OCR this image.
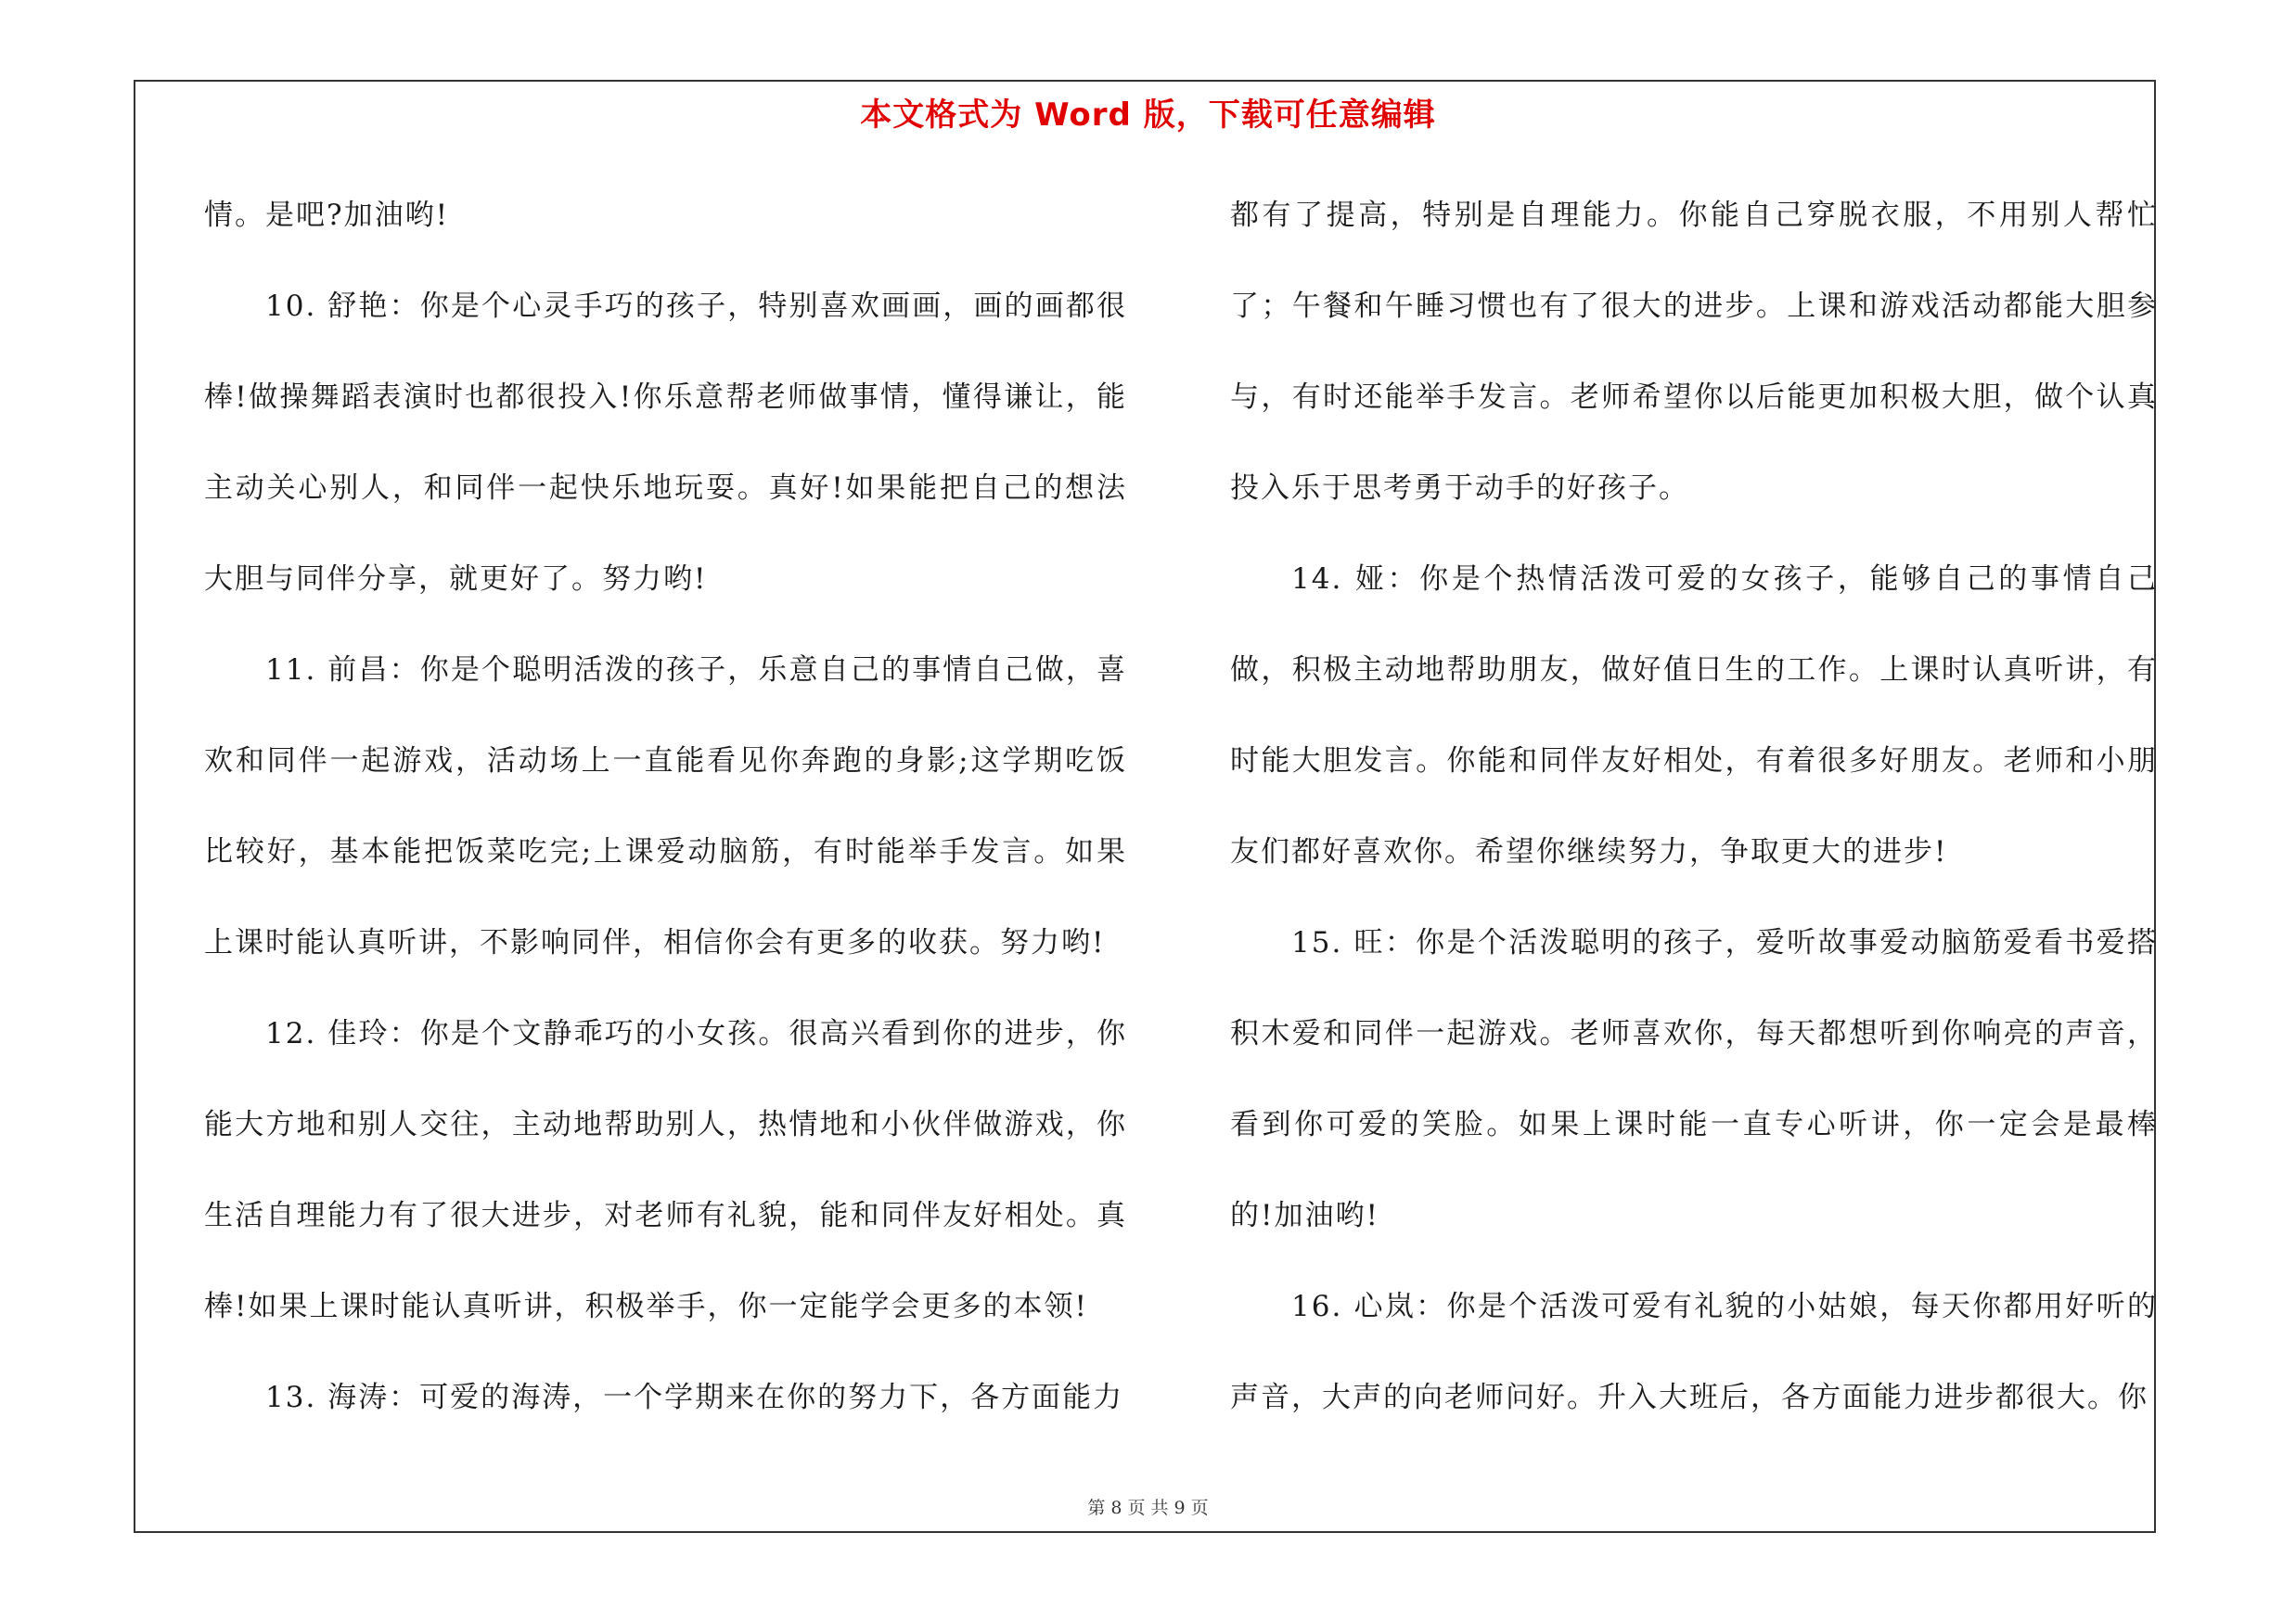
本文格式为 Word 版，下载可任意编辑

情。是吧?加油哟!

10. 舒艳：你是个心灵手巧的孩子，特别喜欢画画，画的画都很棒!做操舞蹈表演时也都很投入!你乐意帮老师做事情，懂得谦让，能主动关心别人，和同伴一起快乐地玩耍。真好!如果能把自己的想法大胆与同伴分享，就更好了。努力哟!

11. 前昌：你是个聪明活泼的孩子，乐意自己的事情自己做，喜欢和同伴一起游戏，活动场上一直能看见你奔跑的身影;这学期吃饭比较好，基本能把饭菜吃完;上课爱动脑筋，有时能举手发言。如果上课时能认真听讲，不影响同伴，相信你会有更多的收获。努力哟!

12. 佳玲：你是个文静乖巧的小女孩。很高兴看到你的进步，你能大方地和别人交往，主动地帮助别人，热情地和小伙伴做游戏，你生活自理能力有了很大进步，对老师有礼貌，能和同伴友好相处。真棒!如果上课时能认真听讲，积极举手，你一定能学会更多的本领!

13. 海涛：可爱的海涛，一个学期来在你的努力下，各方面能力

都有了提高，特别是自理能力。你能自己穿脱衣服，不用别人帮忙了；午餐和午睡习惯也有了很大的进步。上课和游戏活动都能大胆参与，有时还能举手发言。老师希望你以后能更加积极大胆，做个认真投入乐于思考勇于动手的好孩子。

14. 娅：你是个热情活泼可爱的女孩子，能够自己的事情自己做，积极主动地帮助朋友，做好值日生的工作。上课时认真听讲，有时能大胆发言。你能和同伴友好相处，有着很多好朋友。老师和小朋友们都好喜欢你。希望你继续努力，争取更大的进步!

15. 旺：你是个活泼聪明的孩子，爱听故事爱动脑筋爱看书爱搭积木爱和同伴一起游戏。老师喜欢你，每天都想听到你响亮的声音，看到你可爱的笑脸。如果上课时能一直专心听讲，你一定会是最棒的!加油哟!

16. 心岚：你是个活泼可爱有礼貌的小姑娘，每天你都用好听的声音，大声的向老师问好。升入大班后，各方面能力进步都很大。你

第 8 页 共 9 页
